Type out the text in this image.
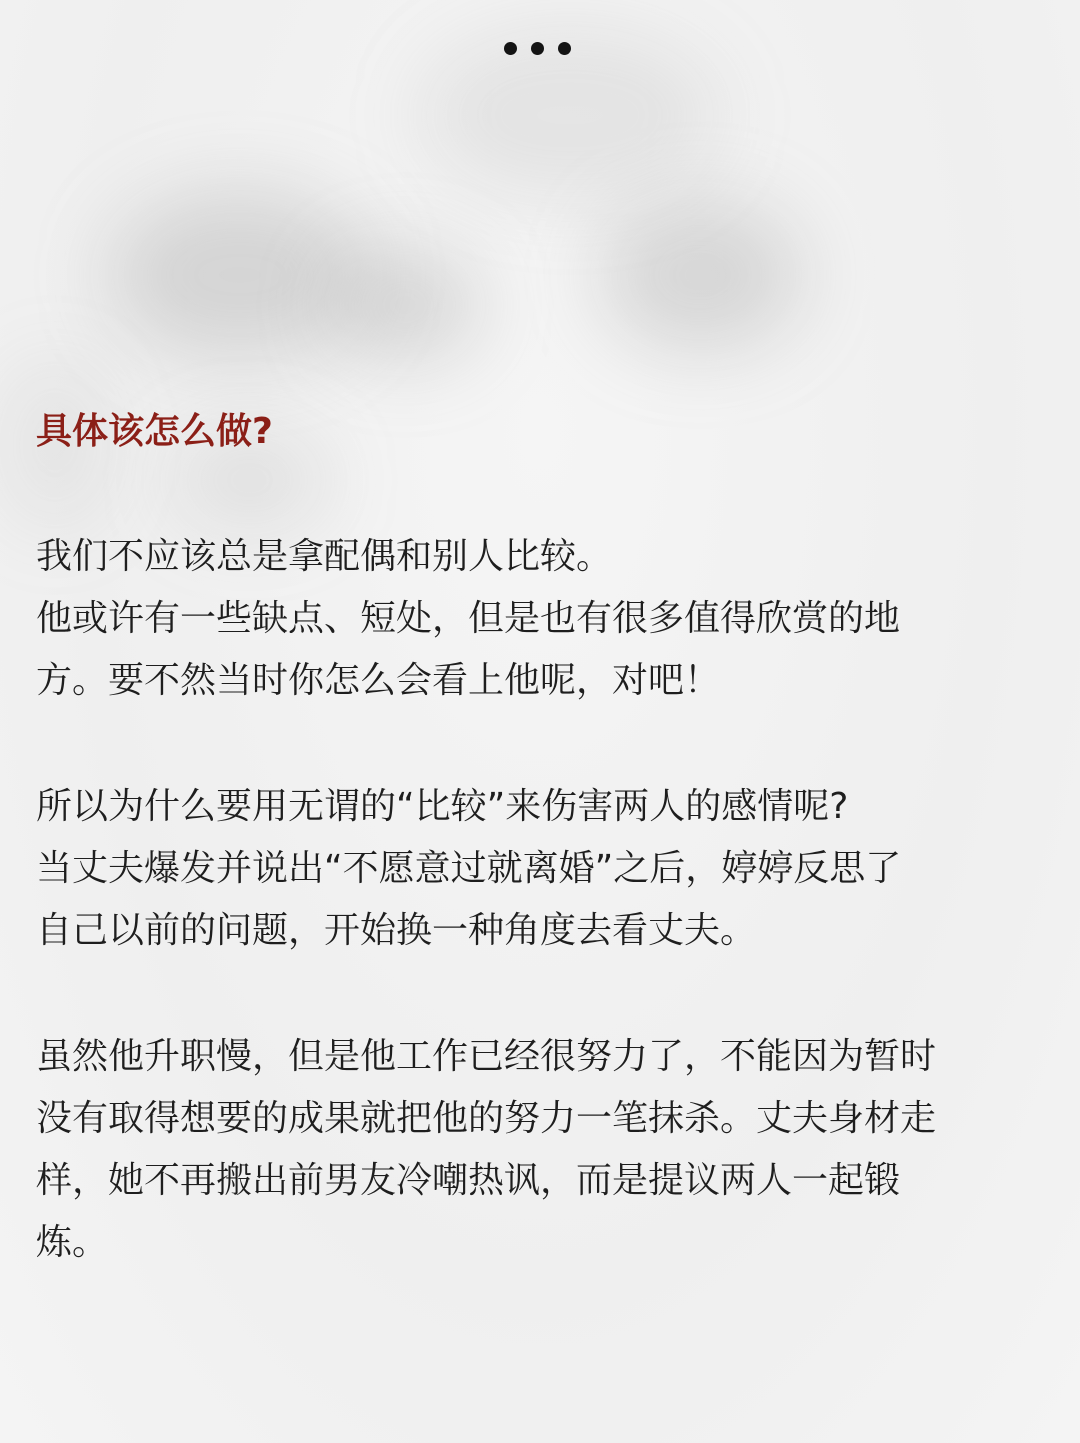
具体该怎么做?
我们不应该总是拿配偶和别人比较。
他或许有一些缺点、短处，但是也有很多值得欣赏的地
方。要不然当时你怎么会看上他呢，对吧！
所以为什么要用无谓的“比较”来伤害两人的感情呢?
当丈夫爆发并说出“不愿意过就离婚”之后，婷婷反思了
自己以前的问题，开始换一种角度去看丈夫。
虽然他升职慢，但是他工作已经很努力了，不能因为暂时
没有取得想要的成果就把他的努力一笔抹杀。丈夫身材走
样，她不再搬出前男友冷嘲热讽，而是提议两人一起锻
炼。
